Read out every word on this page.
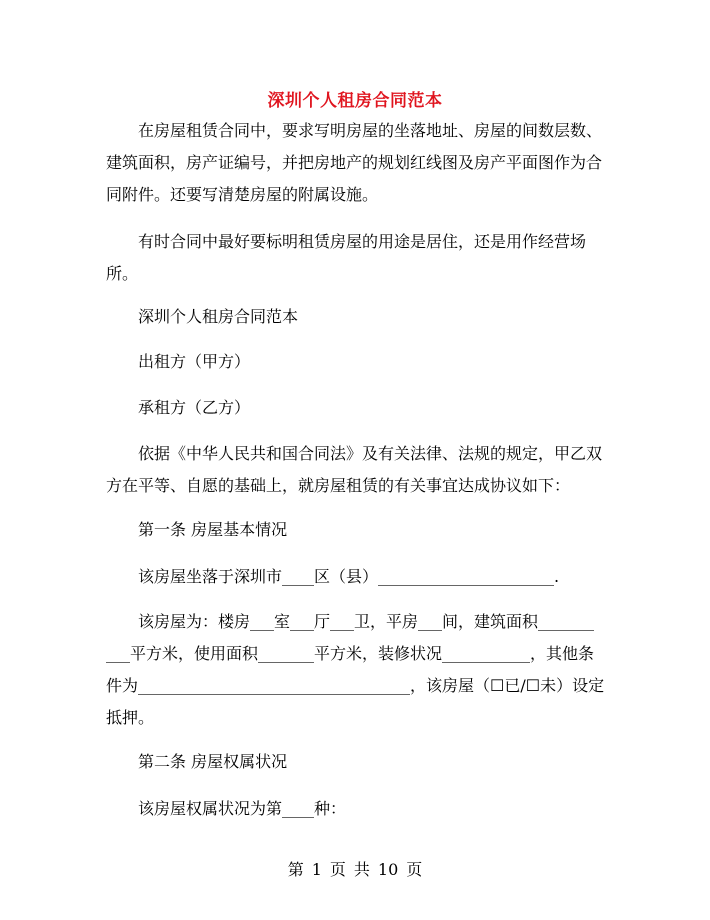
深圳个人租房合同范本
在房屋租赁合同中，要求写明房屋的坐落地址、房屋的间数层数、建筑面积，房产证编号，并把房地产的规划红线图及房产平面图作为合同附件。还要写清楚房屋的附属设施。
有时合同中最好要标明租赁房屋的用途是居住，还是用作经营场所。
深圳个人租房合同范本
出租方（甲方）
承租方（乙方）
依据《中华人民共和国合同法》及有关法律、法规的规定，甲乙双方在平等、自愿的基础上，就房屋租赁的有关事宜达成协议如下：
第一条 房屋基本情况
该房屋坐落于深圳市____区（县）______________________.
该房屋为：楼房___室___厅___卫，平房___间，建筑面积_______ ___平方米，使用面积_______平方米，装修状况___________，其他条件为__________________________________，该房屋（☐已/☐未）设定抵押。
第二条 房屋权属状况
该房屋权属状况为第____种：
第 1 页 共 10 页
